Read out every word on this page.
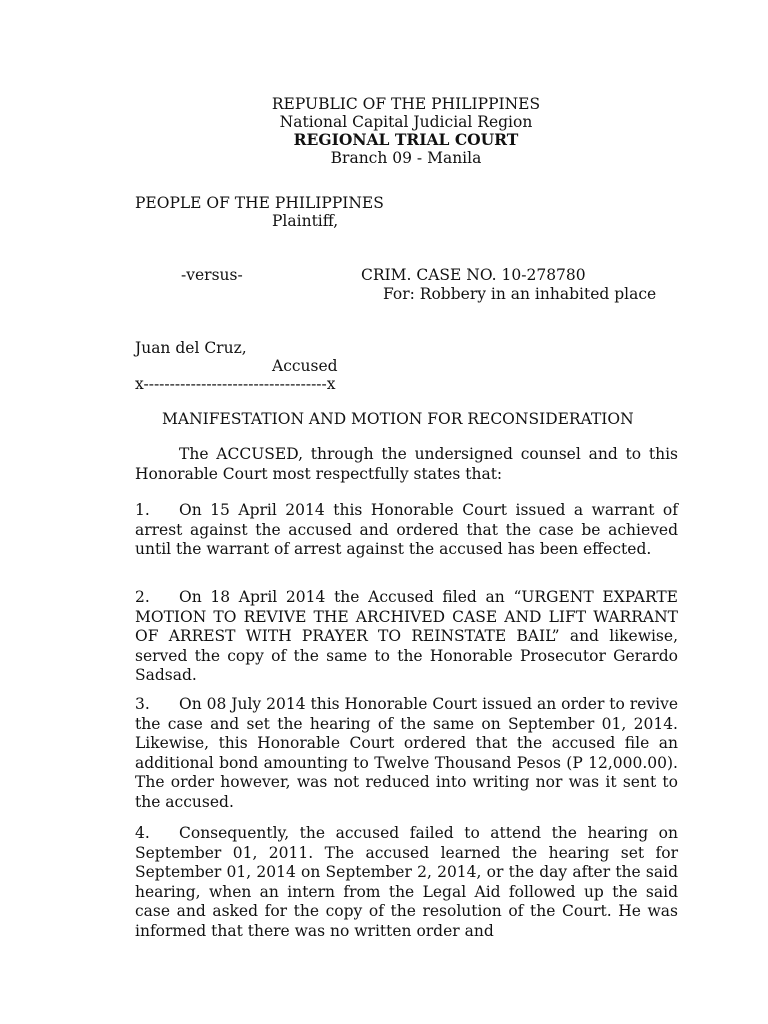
REPUBLIC OF THE PHILIPPINES
National Capital Judicial Region
REGIONAL TRIAL COURT
Branch 09 - Manila
PEOPLE OF THE PHILIPPINES
Plaintiff,
-versus-	CRIM. CASE NO. 10-278780
For: Robbery in an inhabited place
Juan del Cruz,
Accused
x-----------------------------------x
MANIFESTATION AND MOTION FOR RECONSIDERATION
The ACCUSED, through the undersigned counsel and to this Honorable Court most respectfully states that:
1. On 15 April 2014 this Honorable Court issued a warrant of arrest against the accused and ordered that the case be achieved until the warrant of arrest against the accused has been effected.
2. On 18 April 2014 the Accused filed an “URGENT EXPARTE MOTION TO REVIVE THE ARCHIVED CASE AND LIFT WARRANT OF ARREST WITH PRAYER TO REINSTATE BAIL” and likewise, served the copy of the same to the Honorable Prosecutor Gerardo Sadsad.
3. On 08 July 2014 this Honorable Court issued an order to revive the case and set the hearing of the same on September 01, 2014. Likewise, this Honorable Court ordered that the accused file an additional bond amounting to Twelve Thousand Pesos (P 12,000.00). The order however, was not reduced into writing nor was it sent to the accused.
4. Consequently, the accused failed to attend the hearing on September 01, 2011. The accused learned the hearing set for September 01, 2014 on September 2, 2014, or the day after the said hearing, when an intern from the Legal Aid followed up the said case and asked for the copy of the resolution of the Court. He was informed that there was no written order and
